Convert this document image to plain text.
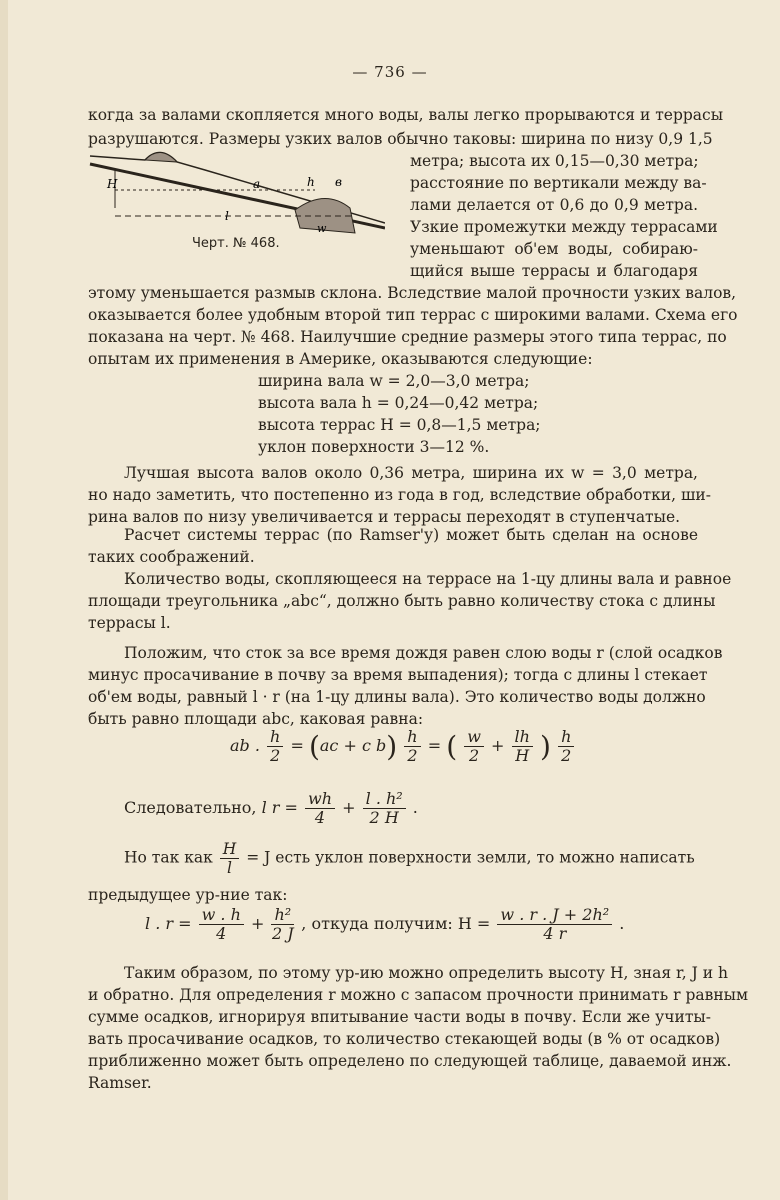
— 736 —
когда за валами скопляется много воды, валы легко прорываются и террасы
разрушаются. Размеры узких валов обычно таковы: ширина по низу 0,9 1,5
H	a	h в
l
w
Черт. № 468.
метра; высота их 0,15—0,30 метра;
расстояние по вертикали между ва-
лами делается от 0,6 до 0,9 метра.
Узкие промежутки между террасами
уменьшают об'ем воды, собираю-
щийся выше террасы и благодаря
этому уменьшается размыв склона. Вследствие малой прочности узких валов,
оказывается более удобным второй тип террас с широкими валами. Схема его
показана на черт. № 468. Наилучшие средние размеры этого типа террас, по
опытам их применения в Америке, оказываются следующие:
ширина вала w = 2,0—3,0 метра;
высота вала h = 0,24—0,42 метра;
высота террас H = 0,8—1,5 метра;
уклон поверхности 3—12 %.
Лучшая высота валов около 0,36 метра, ширина их w = 3,0 метра,
но надо заметить, что постепенно из года в год, вследствие обработки, ши-
рина валов по низу увеличивается и террасы переходят в ступенчатые.
Расчет системы террас (по Ramser'у) может быть сделан на основе
таких соображений.
Количество воды, скопляющееся на террасе на 1-цу длины вала и равное
площади треугольника „abc“, должно быть равно количеству стока с длины
террасы l.
Положим, что сток за все время дождя равен слою воды r (слой осадков
минус просачивание в почву за время выпадения); тогда с длины l стекает
об'ем воды, равный l · r (на 1-цу длины вала). Это количество воды должно
быть равно площади abc, каковая равна:
ab . $\frac{h}{2} = (ac + c$ $b) \frac{h}{2}$ = ( $\frac{w}{2} + \frac{lh}{H}$ ) $\frac{h}{2}$
Следовательно, l $r = \frac{wh}{4} + \frac{\text{l . h²}}{2 H}$ .
Но так как $\frac{H}{l} = J$ есть уклон поверхности земли, то можно написать
предыдущее ур-ние так:
l . $r = \frac{w . h}{4} + \frac{\text{h²}}{2 J}$ , откуда получим: $H = \frac{\text{w . r . J + 2h²}}{4 r}$ .
Таким образом, по этому ур-ию можно определить высоту H, зная r, J и h
и обратно. Для определения r можно с запасом прочности принимать r равным
сумме осадков, игнорируя впитывание части воды в почву. Если же учиты-
вать просачивание осадков, то количество стекающей воды (в % от осадков)
приближенно может быть определено по следующей таблице, даваемой инж.
Ramser.
